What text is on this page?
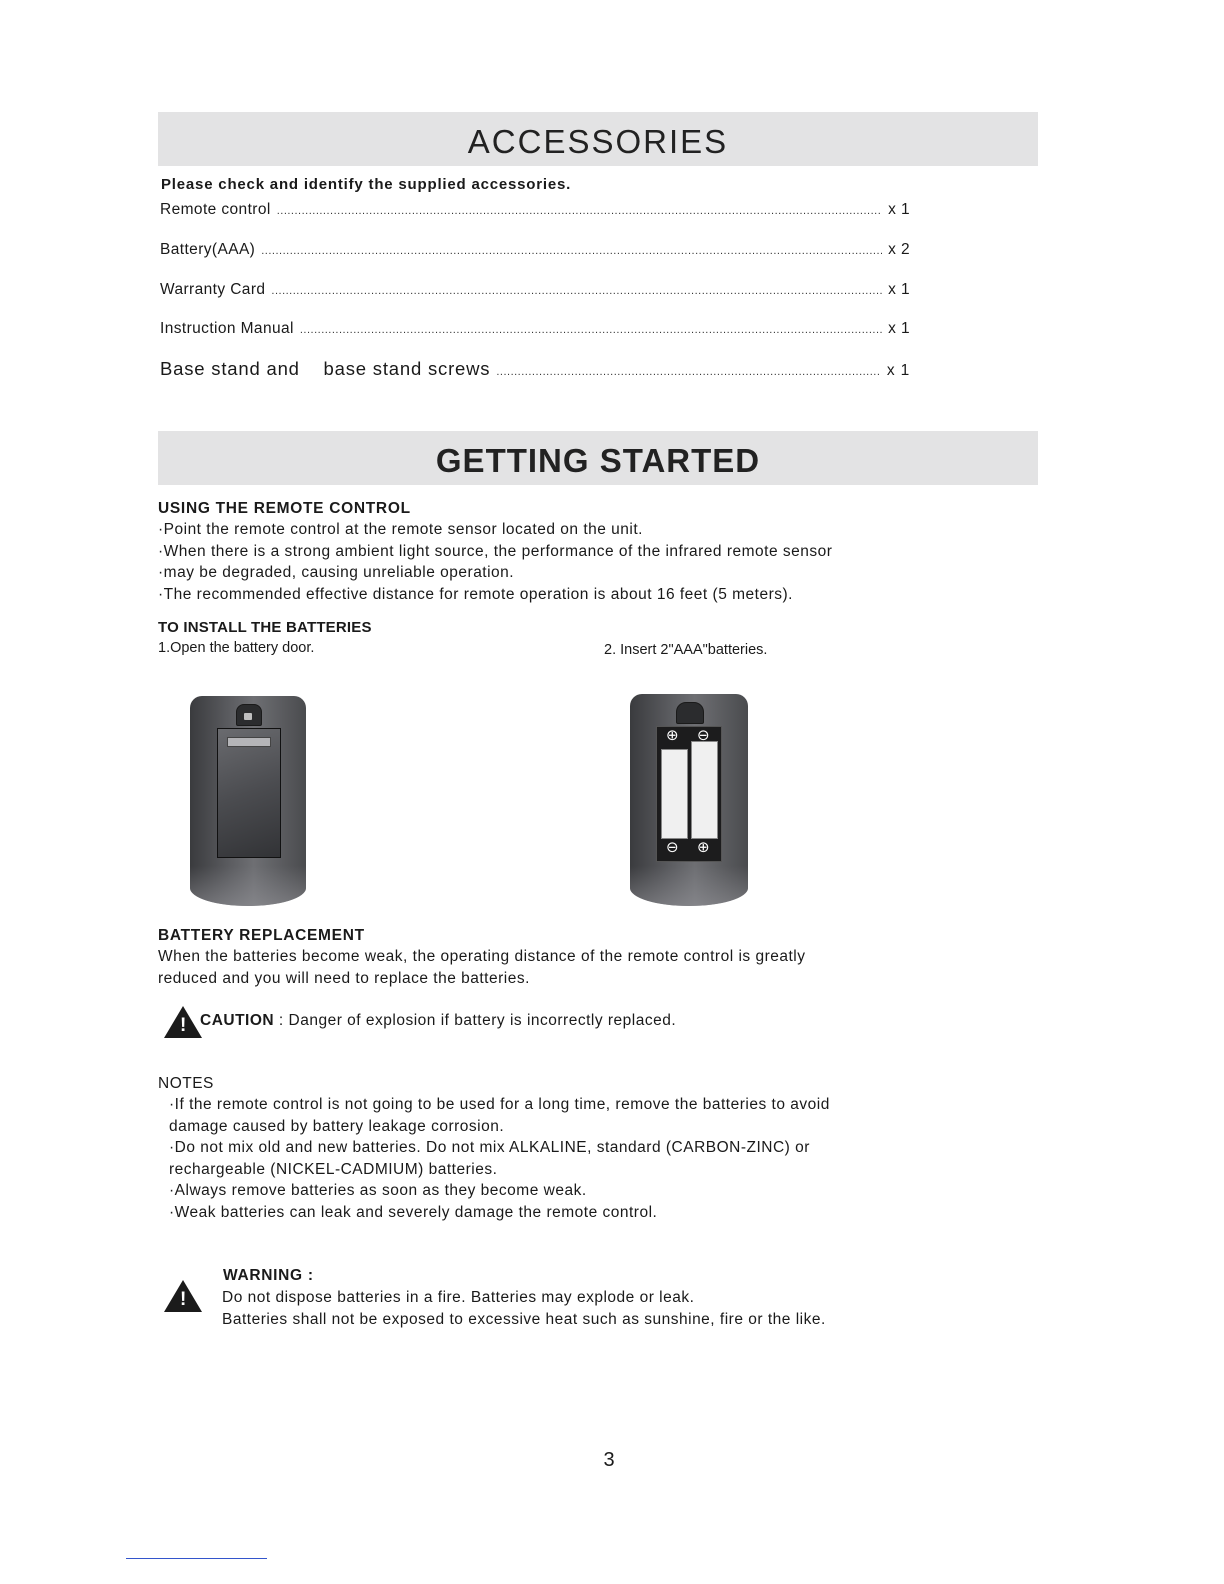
ACCESSORIES
Please check and identify the supplied accessories.
Remote control .....	x 1
Battery(AAA) .....	x 2
Warranty Card .....	x 1
Instruction Manual .....	x 1
Base stand and    base stand screws .....	x 1
GETTING STARTED
USING THE REMOTE CONTROL
·Point the remote control at the remote sensor located on the unit.
·When there is a strong ambient light source, the performance of the infrared remote sensor
·may be degraded, causing unreliable operation.
·The recommended effective distance for remote operation is about 16 feet (5 meters).
TO INSTALL THE BATTERIES
1.Open the battery door.	2. Insert 2"AAA"batteries.
⊕ ⊖
⊖ ⊕
BATTERY REPLACEMENT
When the batteries become weak, the operating distance of the remote control is greatly
reduced and you will need to replace the batteries.
! CAUTION : Danger of explosion if battery is incorrectly replaced.
NOTES
·If the remote control is not going to be used for a long time, remove the batteries to avoid
damage caused by battery leakage corrosion.
·Do not mix old and new batteries. Do not mix ALKALINE, standard (CARBON-ZINC) or
rechargeable (NICKEL-CADMIUM) batteries.
·Always remove batteries as soon as they become weak.
·Weak batteries can leak and severely damage the remote control.
!
WARNING :
Do not dispose batteries in a fire. Batteries may explode or leak.
Batteries shall not be exposed to excessive heat such as sunshine, fire or the like.
3
